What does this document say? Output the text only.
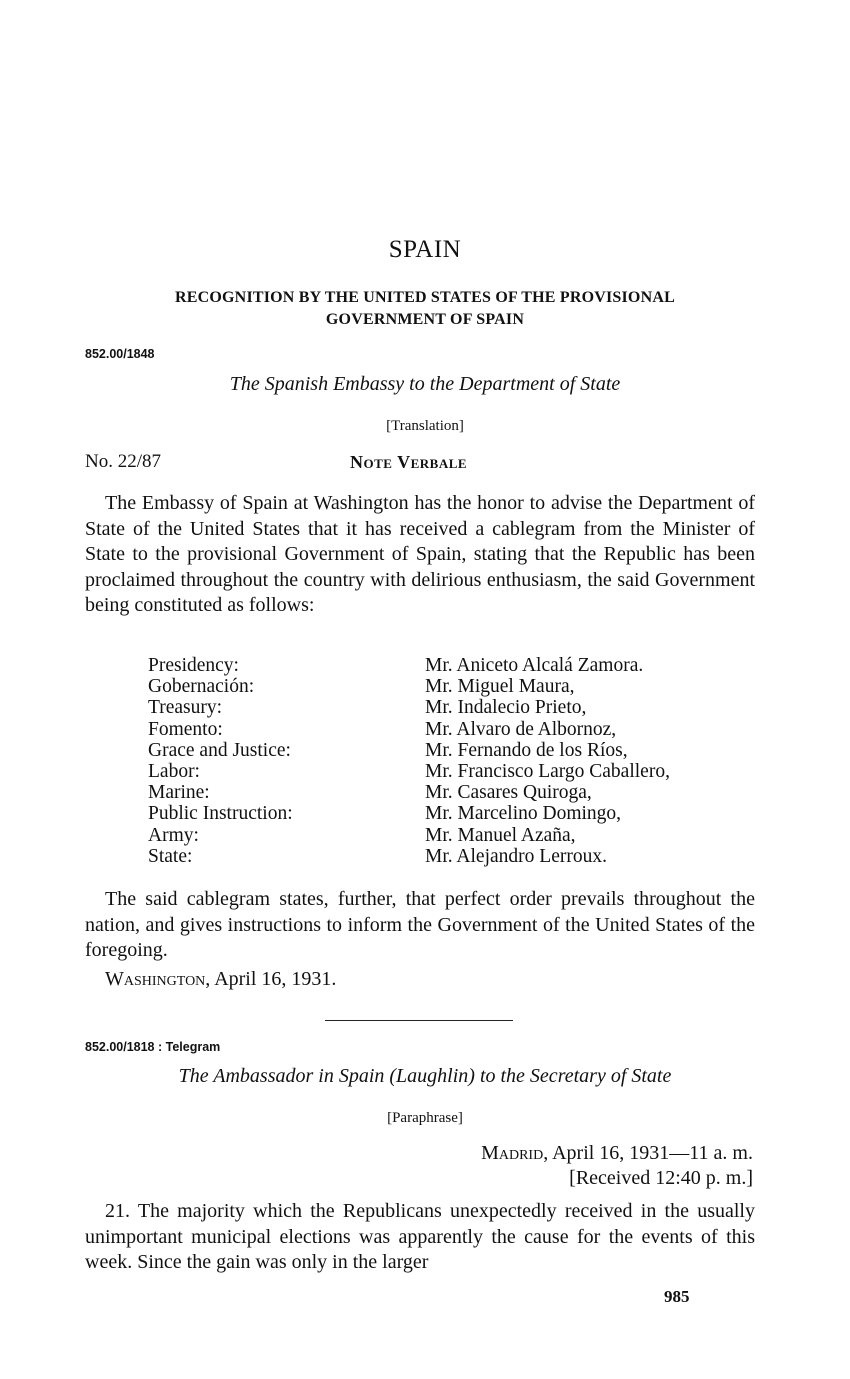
SPAIN
RECOGNITION BY THE UNITED STATES OF THE PROVISIONAL
GOVERNMENT OF SPAIN
852.00/1848
The Spanish Embassy to the Department of State
[Translation]
No. 22/87	Note Verbale

The Embassy of Spain at Washington has the honor to advise the Department of State of the United States that it has received a cablegram from the Minister of State to the provisional Government of Spain, stating that the Republic has been proclaimed throughout the country with delirious enthusiasm, the said Government being constituted as follows:

Presidency:	Mr. Aniceto Alcalá Zamora.
Gobernación:	Mr. Miguel Maura,
Treasury:	Mr. Indalecio Prieto,
Fomento:	Mr. Alvaro de Albornoz,
Grace and Justice:	Mr. Fernando de los Ríos,
Labor:	Mr. Francisco Largo Caballero,
Marine:	Mr. Casares Quiroga,
Public Instruction:	Mr. Marcelino Domingo,
Army:	Mr. Manuel Azaña,
State:	Mr. Alejandro Lerroux.

The said cablegram states, further, that perfect order prevails throughout the nation, and gives instructions to inform the Government of the United States of the foregoing.

Washington, April 16, 1931.
852.00/1818 : Telegram
The Ambassador in Spain (Laughlin) to the Secretary of State
[Paraphrase]
Madrid, April 16, 1931—11 a. m.
[Received 12:40 p. m.]

21. The majority which the Republicans unexpectedly received in the usually unimportant municipal elections was apparently the cause for the events of this week. Since the gain was only in the larger

985
